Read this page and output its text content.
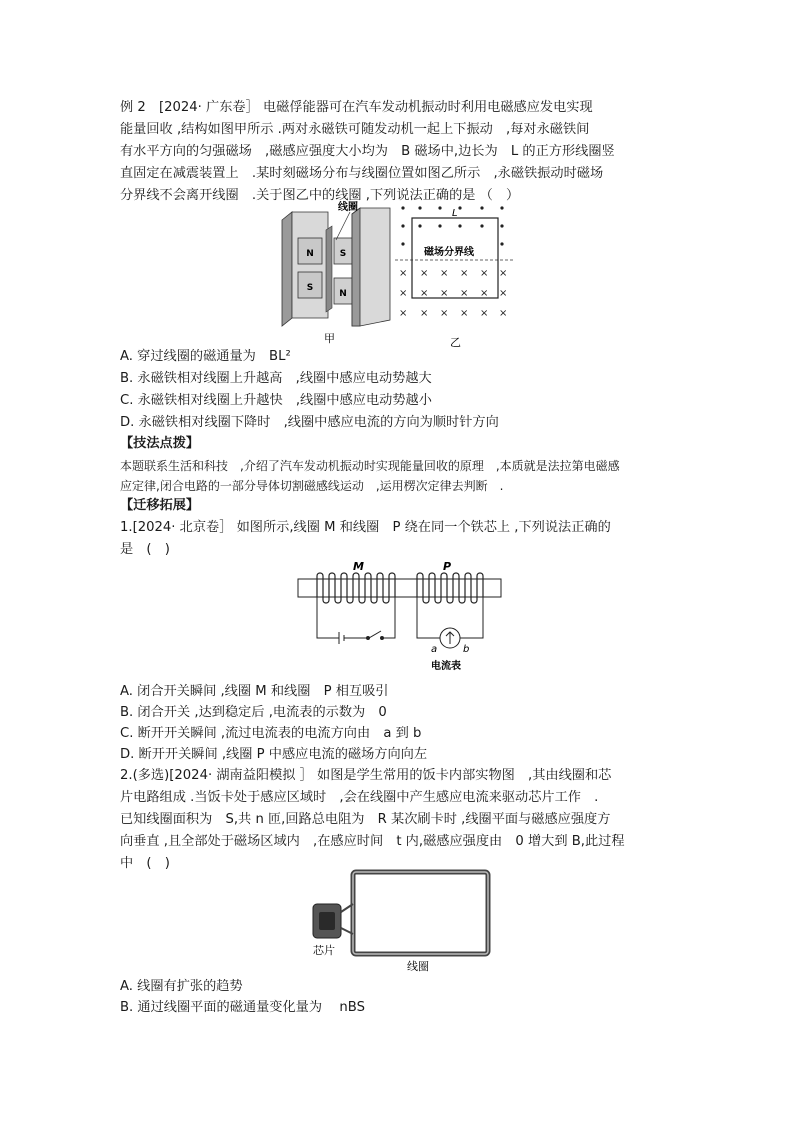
例 2　[2024· 广东卷］ 电磁俘能器可在汽车发动机振动时利用电磁感应发电实现
能量回收 ,结构如图甲所示 .两对永磁铁可随发动机一起上下振动　,每对永磁铁间
有水平方向的匀强磁场　,磁感应强度大小均为　B 磁场中,边长为　L 的正方形线圈竖
直固定在减震装置上　.某时刻磁场分布与线圈位置如图乙所示　,永磁铁振动时磁场
分界线不会离开线圈　.关于图乙中的线圈 ,下列说法正确的是 （　）
N
S
S
N
线圈
甲
磁场分界线
× × × × × ×
× × × × × ×
× × × × × ×
L
乙
A. 穿过线圈的磁通量为　BL²
B. 永磁铁相对线圈上升越高　,线圈中感应电动势越大
C. 永磁铁相对线圈上升越快　,线圈中感应电动势越小
D. 永磁铁相对线圈下降时　,线圈中感应电流的方向为顺时针方向
【技法点拨】
本题联系生活和科技　,介绍了汽车发动机振动时实现能量回收的原理　,本质就是法拉第电磁感
应定律,闭合电路的一部分导体切割磁感线运动　,运用楞次定律去判断　.
【迁移拓展】
1.[2024· 北京卷］ 如图所示,线圈 M 和线圈　P 绕在同一个铁芯上 ,下列说法正确的
是　(　)
M	P
a	b
电流表
A. 闭合开关瞬间 ,线圈 M 和线圈　P 相互吸引
B. 闭合开关 ,达到稳定后 ,电流表的示数为　0
C. 断开开关瞬间 ,流过电流表的电流方向由　a 到 b
D. 断开开关瞬间 ,线圈 P 中感应电流的磁场方向向左
2.(多选)[2024· 湖南益阳模拟 ］ 如图是学生常用的饭卡内部实物图　,其由线圈和芯
片电路组成 .当饭卡处于感应区域时　,会在线圈中产生感应电流来驱动芯片工作　.
已知线圈面积为　S,共 n 匝,回路总电阻为　R 某次刷卡时 ,线圈平面与磁感应强度方
向垂直 ,且全部处于磁场区域内　,在感应时间　t 内,磁感应强度由　0 增大到 B,此过程
中　(　)
芯片
线圈
A. 线圈有扩张的趋势
B. 通过线圈平面的磁通量变化量为　 nBS
